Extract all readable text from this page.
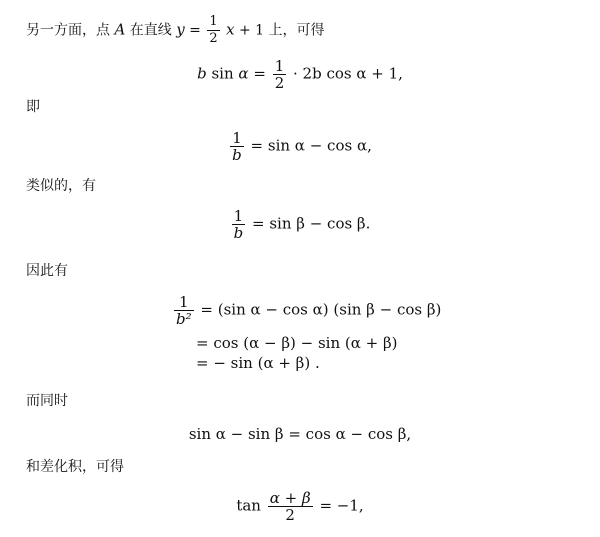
另一方面，点 A 在直线 $y = \frac{1}{2}$ x + 1 上，可得
b $\sin \alpha = \frac{1}{2} \cdot 2b$ cos α + 1,
即
$\frac{1}{b} = \sin \alpha - \cos \alpha$,
类似的，有
$\frac{1}{b} = \sin \beta - \cos \beta$.
因此有
$\frac{1}{\text{b²}} = (\sin$ α − cos α) (sin β − cos β)
= cos (α − β) − sin (α + β)
= − sin (α + β) .
而同时
sin α − sin β = cos α − cos β,
和差化积，可得
$\tan \frac{\alpha + \beta}{2} = -1$,
